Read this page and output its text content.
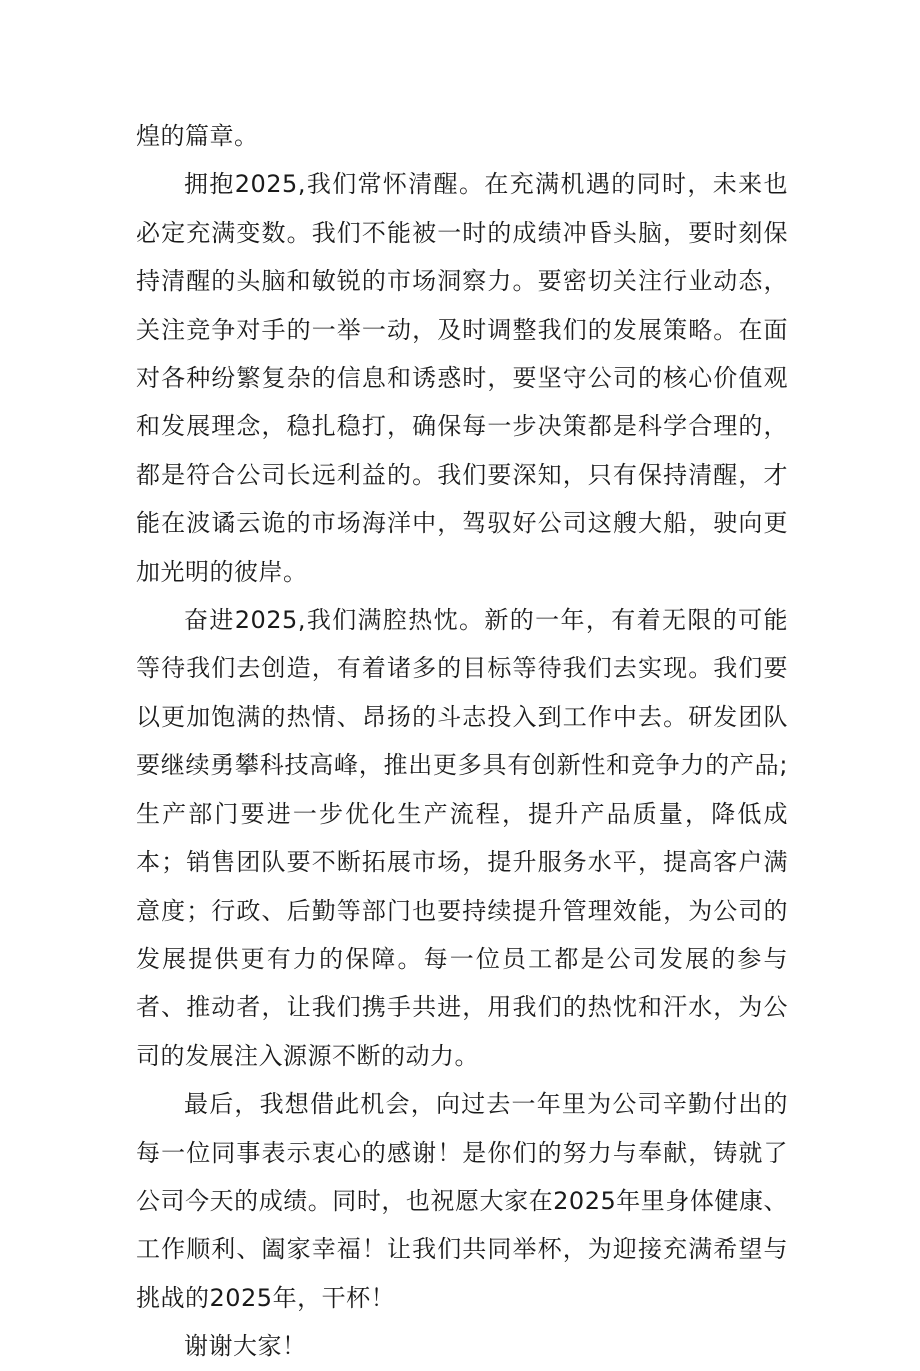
煌的篇章。

拥抱2025,我们常怀清醒。在充满机遇的同时，未来也必定充满变数。我们不能被一时的成绩冲昏头脑，要时刻保持清醒的头脑和敏锐的市场洞察力。要密切关注行业动态，关注竞争对手的一举一动，及时调整我们的发展策略。在面对各种纷繁复杂的信息和诱惑时，要坚守公司的核心价值观和发展理念，稳扎稳打，确保每一步决策都是科学合理的，都是符合公司长远利益的。我们要深知，只有保持清醒，才能在波谲云诡的市场海洋中，驾驭好公司这艘大船，驶向更加光明的彼岸。

奋进2025,我们满腔热忱。新的一年，有着无限的可能等待我们去创造，有着诸多的目标等待我们去实现。我们要以更加饱满的热情、昂扬的斗志投入到工作中去。研发团队要继续勇攀科技高峰，推出更多具有创新性和竞争力的产品;生产部门要进一步优化生产流程，提升产品质量，降低成本；销售团队要不断拓展市场，提升服务水平，提高客户满意度；行政、后勤等部门也要持续提升管理效能，为公司的发展提供更有力的保障。每一位员工都是公司发展的参与者、推动者，让我们携手共进，用我们的热忱和汗水，为公司的发展注入源源不断的动力。

最后，我想借此机会，向过去一年里为公司辛勤付出的每一位同事表示衷心的感谢！是你们的努力与奉献，铸就了公司今天的成绩。同时，也祝愿大家在2025年里身体健康、工作顺利、阖家幸福！让我们共同举杯，为迎接充满希望与挑战的2025年，干杯！

谢谢大家！
